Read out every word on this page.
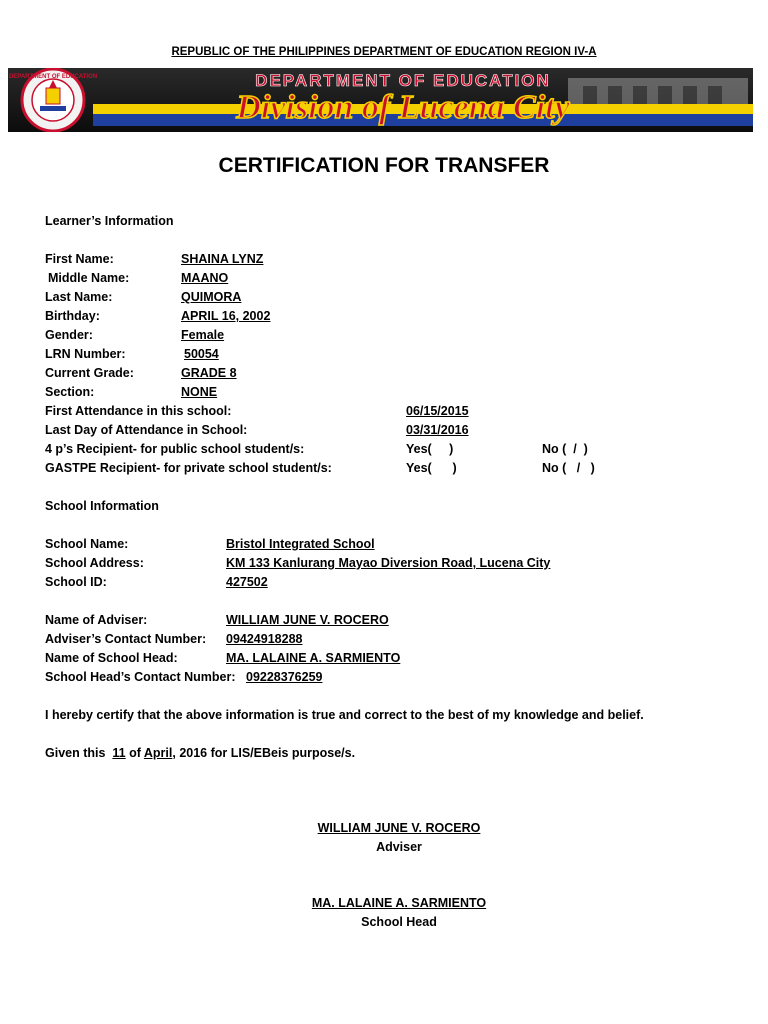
REPUBLIC OF THE PHILIPPINES DEPARTMENT OF EDUCATION REGION IV-A
DEPARTMENT OF EDUCATION	DEPARTMENT OF EDUCATION
Division of Lucena City
CERTIFICATION FOR TRANSFER
Learner’s Information
First Name:	SHAINA LYNZ
Middle Name:	MAANO
Last Name:	QUIMORA
Birthday:	APRIL 16, 2002
Gender:	Female
LRN Number:	50054
Current Grade:	GRADE 8
Section:	NONE
First Attendance in this school:	06/15/2015
Last Day of Attendance in School:	03/31/2016
4 p’s Recipient- for public school student/s:	Yes(     )	No (  /  )
GASTPE Recipient- for private school student/s:	Yes(      )	No (   /   )
School Information
School Name:	Bristol Integrated School
School Address:	KM 133 Kanlurang Mayao Diversion Road, Lucena City
School ID:	427502
Name of Adviser:	WILLIAM JUNE V. ROCERO
Adviser’s Contact Number: 09424918288
Name of School Head:	MA. LALAINE A. SARMIENTO
School Head’s Contact Number: 09228376259
I hereby certify that the above information is true and correct to the best of my knowledge and belief.
Given this  11 of April, 2016 for LIS/EBeis purpose/s.
WILLIAM JUNE V. ROCERO
Adviser
MA. LALAINE A. SARMIENTO
School Head
